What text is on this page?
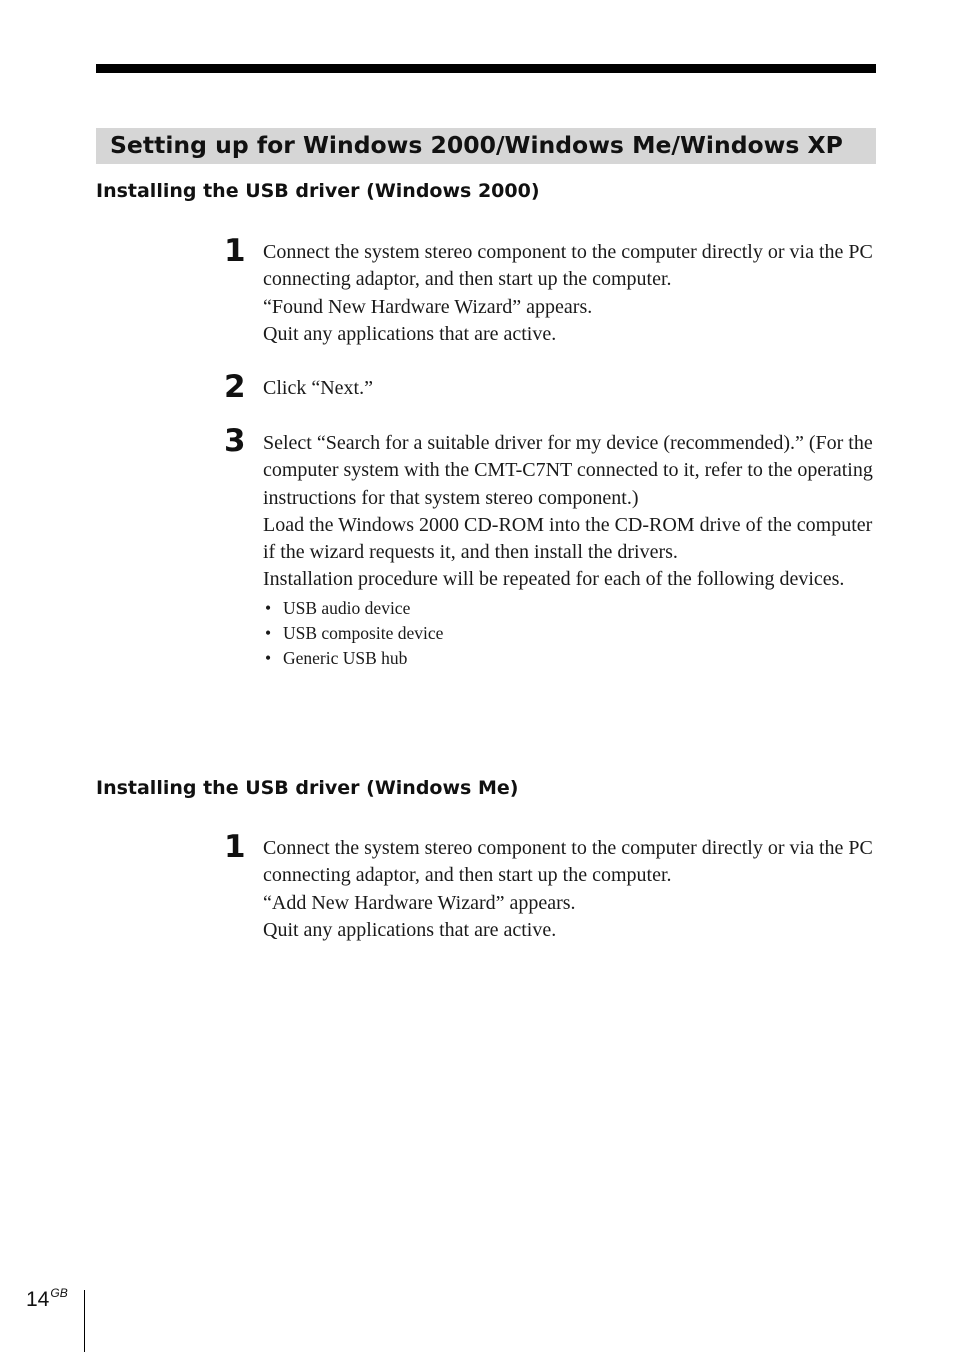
Setting up for Windows 2000/Windows Me/Windows XP
Installing the USB driver (Windows 2000)
1 Connect the system stereo component to the computer directly or via the PC connecting adaptor, and then start up the computer.

“Found New Hardware Wizard” appears.

Quit any applications that are active.

2 Click “Next.”

3 Select “Search for a suitable driver for my device (recommended).” (For the computer system with the CMT-C7NT connected to it, refer to the operating instructions for that system stereo component.)

Load the Windows 2000 CD-ROM into the CD-ROM drive of the computer if the wizard requests it, and then install the drivers.

Installation procedure will be repeated for each of the following devices.

• USB audio device
• USB composite device
• Generic USB hub
Installing the USB driver (Windows Me)
1 Connect the system stereo component to the computer directly or via the PC connecting adaptor, and then start up the computer.

“Add New Hardware Wizard” appears.

Quit any applications that are active.

$14^{GB}$
